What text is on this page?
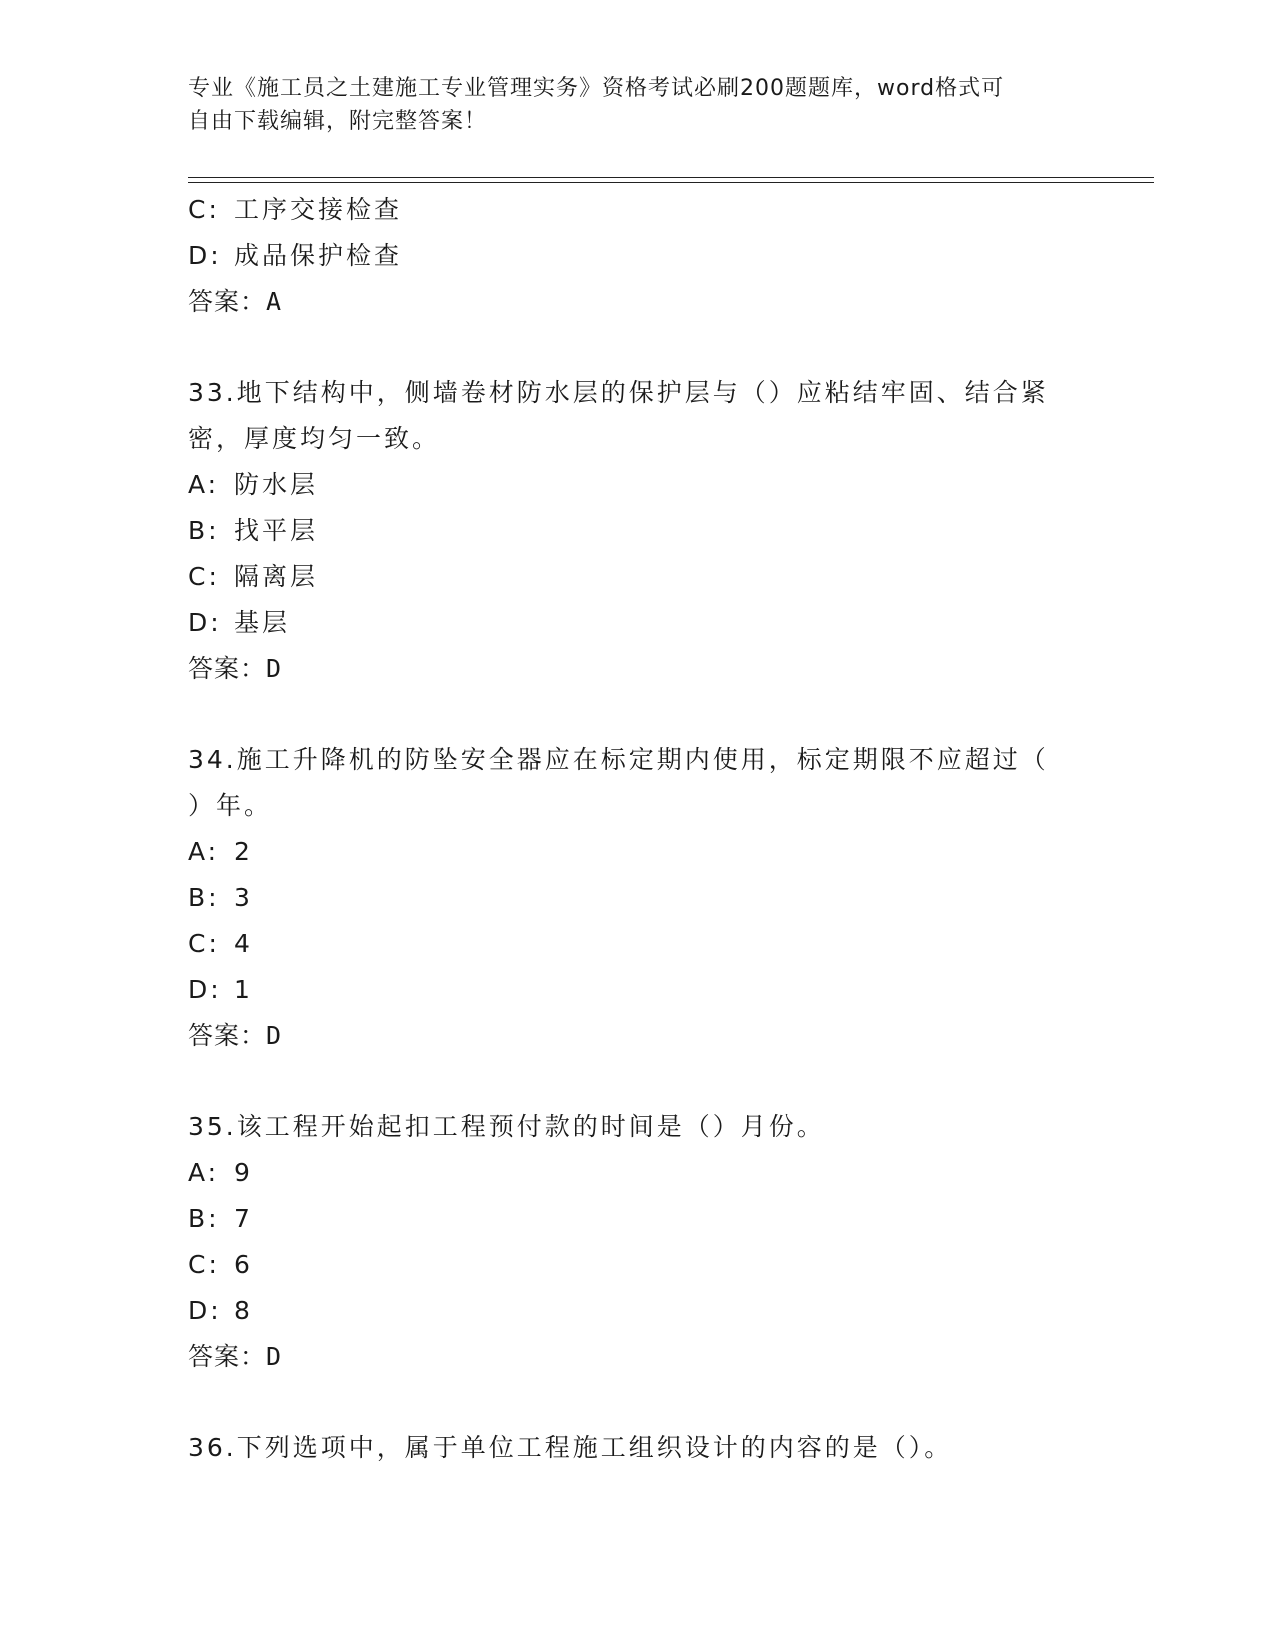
专业《施工员之土建施工专业管理实务》资格考试必刷200题题库，word格式可
自由下载编辑，附完整答案！
C: 工序交接检查
D: 成品保护检查
答案：A
33.地下结构中，侧墙卷材防水层的保护层与（）应粘结牢固、结合紧
密，厚度均匀一致。
A: 防水层
B: 找平层
C: 隔离层
D: 基层
答案：D
34.施工升降机的防坠安全器应在标定期内使用，标定期限不应超过（
）年。
A: 2
B: 3
C: 4
D: 1
答案：D
35.该工程开始起扣工程预付款的时间是（）月份。
A: 9
B: 7
C: 6
D: 8
答案：D
36.下列选项中，属于单位工程施工组织设计的内容的是（）。
